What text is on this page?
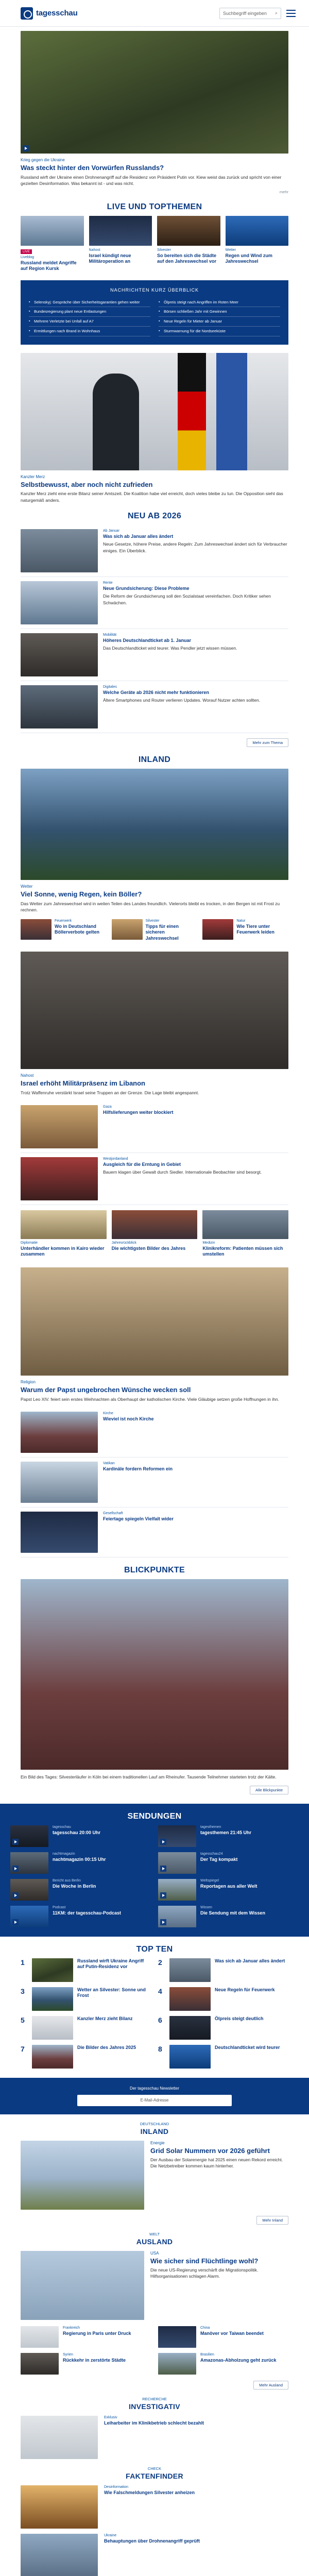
tagesschau	Suchbegriff eingeben ⌕
Krieg gegen die Ukraine
Was steckt hinter den Vorwürfen Russlands?
Russland wirft der Ukraine einen Drohnenangriff auf die Residenz von Präsident Putin vor. Kiew weist das zurück und spricht von einer gezielten Desinformation. Was bekannt ist - und was nicht.
mehr
LIVE UND TOPTHEMEN
LIVE
Liveblog
Russland meldet Angriffe auf Region Kursk
Nahost
Israel kündigt neue Militäroperation an
Silvester
So bereiten sich die Städte auf den Jahreswechsel vor
Wetter
Regen und Wind zum Jahreswechsel
NACHRICHTEN KURZ ÜBERBLICK
▪ Selenskyj: Gespräche über Sicherheitsgarantien gehen weiter
▪ Bundesregierung plant neue Entlastungen
▪ Mehrere Verletzte bei Unfall auf A7
▪ Ermittlungen nach Brand in Wohnhaus
▪ Ölpreis steigt nach Angriffen im Roten Meer
▪ Börsen schließen Jahr mit Gewinnen
▪ Neue Regeln für Mieter ab Januar
▪ Sturmwarnung für die Nordseeküste
Kanzler Merz
Selbstbewusst, aber noch nicht zufrieden
Kanzler Merz zieht eine erste Bilanz seiner Amtszeit. Die Koalition habe viel erreicht, doch vieles bleibe zu tun. Die Opposition sieht das naturgemäß anders.
NEU AB 2026
Ab Januar
Was sich ab Januar alles ändert
Neue Gesetze, höhere Preise, andere Regeln: Zum Jahreswechsel ändert sich für Verbraucher einiges. Ein Überblick.
Rente
Neue Grundsicherung: Diese Probleme
Die Reform der Grundsicherung soll den Sozialstaat vereinfachen. Doch Kritiker sehen Schwächen.
Mobilität
Höheres Deutschlandticket ab 1. Januar
Das Deutschlandticket wird teurer. Was Pendler jetzt wissen müssen.
Digitales
Welche Geräte ab 2026 nicht mehr funktionieren
Ältere Smartphones und Router verlieren Updates. Worauf Nutzer achten sollten.
Mehr zum Thema
INLAND
Wetter
Viel Sonne, wenig Regen, kein Böller?
Das Wetter zum Jahreswechsel wird in weiten Teilen des Landes freundlich. Vielerorts bleibt es trocken, in den Bergen ist mit Frost zu rechnen.
Feuerwerk
Wo in Deutschland Böllerverbote gelten
Silvester
Tipps für einen sicheren Jahreswechsel
Natur
Wie Tiere unter Feuerwerk leiden
Nahost
Israel erhöht Militärpräsenz im Libanon
Trotz Waffenruhe verstärkt Israel seine Truppen an der Grenze. Die Lage bleibt angespannt.
Gaza
Hilfslieferungen weiter blockiert
Westjordanland
Ausgleich für die Erntung in Gebiet
Bauern klagen über Gewalt durch Siedler. Internationale Beobachter sind besorgt.
Diplomatie
Unterhändler kommen in Kairo wieder zusammen
Jahresrückblick
Die wichtigsten Bilder des Jahres
Medizin
Klinikreform: Patienten müssen sich umstellen
Religion
Warum der Papst ungebrochen Wünsche wecken soll
Papst Leo XIV. feiert sein erstes Weihnachten als Oberhaupt der katholischen Kirche. Viele Gläubige setzen große Hoffnungen in ihn.
Kirche
Wieviel ist noch Kirche
Vatikan
Kardinäle fordern Reformen ein
Gesellschaft
Feiertage spiegeln Vielfalt wider
BLICKPUNKTE
Ein Bild des Tages: Silvesterläufer in Köln bei einem traditionellen Lauf am Rheinufer. Tausende Teilnehmer starteten trotz der Kälte.
Alle Blickpunkte
SENDUNGEN
tagesschau
tagesschau 20:00 Uhr
tagesthemen
tagesthemen 21:45 Uhr
nachtmagazin
nachtmagazin 00:15 Uhr
tagesschau24
Der Tag kompakt
Bericht aus Berlin
Die Woche in Berlin
Weltspiegel
Reportagen aus aller Welt
Podcast
11KM: der tagesschau-Podcast
Wissen
Die Sendung mit dem Wissen
TOP TEN
1	Russland wirft Ukraine Angriff auf Putin-Residenz vor
2	Was sich ab Januar alles ändert
3	Wetter an Silvester: Sonne und Frost
4	Neue Regeln für Feuerwerk
5	Kanzler Merz zieht Bilanz	6	Ölpreis steigt deutlich
7	Die Bilder des Jahres 2025	8	Deutschlandticket wird teurer
Der tagesschau Newsletter
E-Mail-Adresse
DEUTSCHLAND
INLAND
Energie
Grid Solar Nummern vor 2026 geführt
Der Ausbau der Solarenergie hat 2025 einen neuen Rekord erreicht. Die Netzbetreiber kommen kaum hinterher.
Mehr Inland
WELT
AUSLAND
USA
Wie sicher sind Flüchtlinge wohl?
Die neue US-Regierung verschärft die Migrationspolitik. Hilfsorganisationen schlagen Alarm.
Frankreich
Regierung in Paris unter Druck
China
Manöver vor Taiwan beendet
Syrien
Rückkehr in zerstörte Städte
Brasilien
Amazonas-Abholzung geht zurück
Mehr Ausland
RECHERCHE
INVESTIGATIV
Exklusiv
Leiharbeiter im Klinikbetrieb schlecht bezahlt
CHECK
FAKTENFINDER
Desinformation
Wie Falschmeldungen Silvester anheizen
Ukraine
Behauptungen über Drohnenangriff geprüft
